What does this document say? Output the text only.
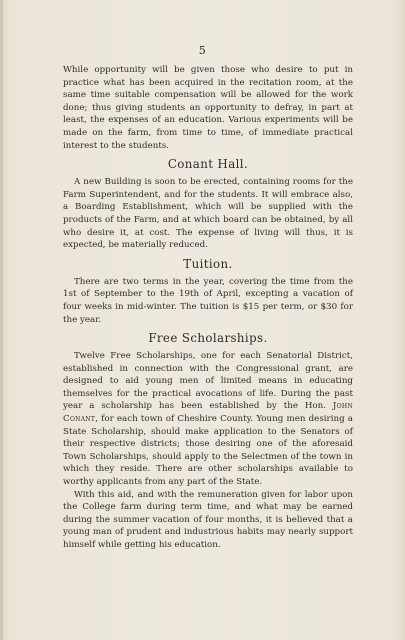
5

While opportunity will be given those who desire to put in practice what has been acquired in the recitation room, at the same time suitable compensation will be allowed for the work done; thus giving students an opportunity to defray, in part at least, the expenses of an education. Various experiments will be made on the farm, from time to time, of immediate practical interest to the students.

Conant Hall.

A new Building is soon to be erected, containing rooms for the Farm Superintendent, and for the students. It will embrace also, a Boarding Establishment, which will be supplied with the products of the Farm, and at which board can be obtained, by all who desire it, at cost. The expense of living will thus, it is expected, be materially reduced.

Tuition.

There are two terms in the year, covering the time from the 1st of September to the 19th of April, excepting a vacation of four weeks in mid-winter. The tuition is $15 per term, or $30 for the year.

Free Scholarships.

Twelve Free Scholarships, one for each Senatorial District, established in connection with the Congressional grant, are designed to aid young men of limited means in educating themselves for the practical avocations of life. During the past year a scholarship has been established by the Hon. John Conant, for each town of Cheshire County. Young men desiring a State Scholarship, should make application to the Senators of their respective districts; those desiring one of the aforesaid Town Scholarships, should apply to the Selectmen of the town in which they reside. There are other scholarships available to worthy applicants from any part of the State.

With this aid, and with the remuneration given for labor upon the College farm during term time, and what may be earned during the summer vacation of four months, it is believed that a young man of prudent and industrious habits may nearly support himself while getting his education.
